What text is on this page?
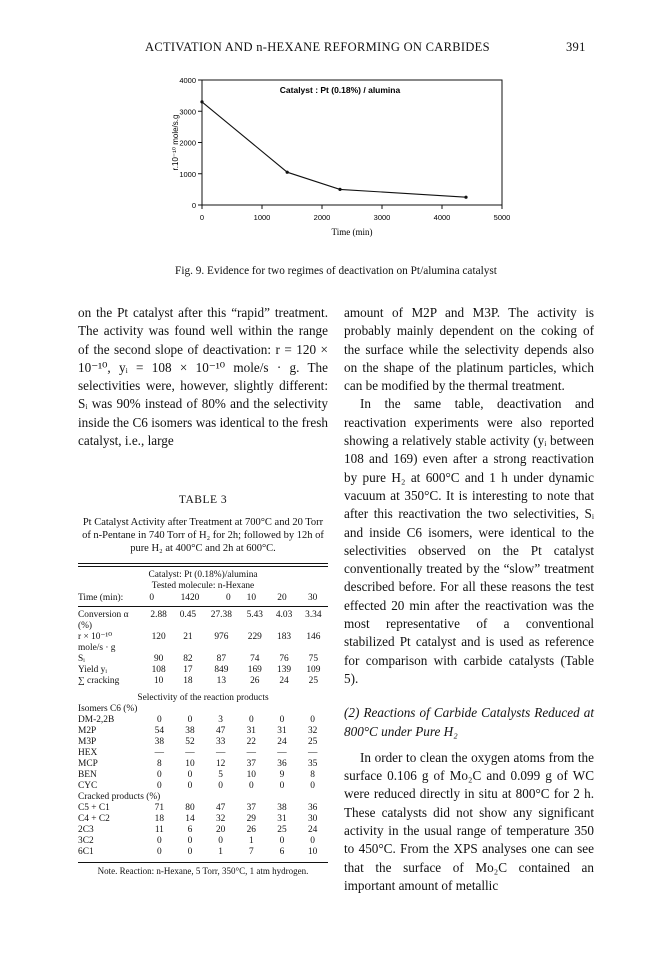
ACTIVATION AND n-HEXANE REFORMING ON CARBIDES	391
0	1000	2000	3000	4000	5000
0
1000
2000
3000
4000
Time (min)
r.10⁻¹⁰ mole/s.g
Catalyst : Pt (0.18%) / alumina
Fig. 9. Evidence for two regimes of deactivation on Pt/alumina catalyst

on the Pt catalyst after this “rapid” treatment. The activity was found well within the range of the second slope of deactivation: r = 120 × 10⁻¹⁰, yᵢ = 108 × 10⁻¹⁰ mole/s · g. The selectivities were, however, slightly different: Sᵢ was 90% instead of 80% and the selectivity inside the C6 isomers was identical to the fresh catalyst, i.e., large

TABLE 3
Pt Catalyst Activity after Treatment at 700°C and 20 Torr of n-Pentane in 740 Torr of H₂ for 2h; followed by 12h of pure H₂ at 400°C and 2h at 600°C.
Catalyst: Pt (0.18%)/alumina
Tested molecule: n-Hexane
Time (min):	0	1420	0	10	20	30
Conversion α	2.88	0.45	27.38	5.43	4.03	3.34
(%)						
r × 10⁻¹⁰	120	21	976	229	183	146
mole/s · g						
Sᵢ	90	82	87	74	76	75
Yield yᵢ	108	17	849	169	139	109
∑ cracking	10	18	13	26	24	25
Selectivity of the reaction products
Isomers C6 (%)
DM-2,2B	0	0	3	0	0	0
M2P	54	38	47	31	31	32
M3P	38	52	33	22	24	25
HEX	—	—	—	—	—	—
MCP	8	10	12	37	36	35
BEN	0	0	5	10	9	8
CYC	0	0	0	0	0	0
Cracked products (%)
C5 + C1	71	80	47	37	38	36
C4 + C2	18	14	32	29	31	30
2C3	11	6	20	26	25	24
3C2	0	0	0	1	0	0
6C1	0	0	1	7	6	10
Note. Reaction: n-Hexane, 5 Torr, 350°C, 1 atm hydrogen.

amount of M2P and M3P. The activity is probably mainly dependent on the coking of the surface while the selectivity depends also on the shape of the platinum particles, which can be modified by the thermal treatment.

In the same table, deactivation and reactivation experiments were also reported showing a relatively stable activity (yᵢ between 108 and 169) even after a strong reactivation by pure H₂ at 600°C and 1 h under dynamic vacuum at 350°C. It is interesting to note that after this reactivation the two selectivities, Sᵢ and inside C6 isomers, were identical to the selectivities observed on the Pt catalyst conventionally treated by the “slow” treatment described before. For all these reasons the test effected 20 min after the reactivation was the most representative of a conventional stabilized Pt catalyst and is used as reference for comparison with carbide catalysts (Table 5).

(2) Reactions of Carbide Catalysts Reduced at 800°C under Pure H₂

In order to clean the oxygen atoms from the surface 0.106 g of Mo₂C and 0.099 g of WC were reduced directly in situ at 800°C for 2 h. These catalysts did not show any significant activity in the usual range of temperature 350 to 450°C. From the XPS analyses one can see that the surface of Mo₂C contained an important amount of metallic
